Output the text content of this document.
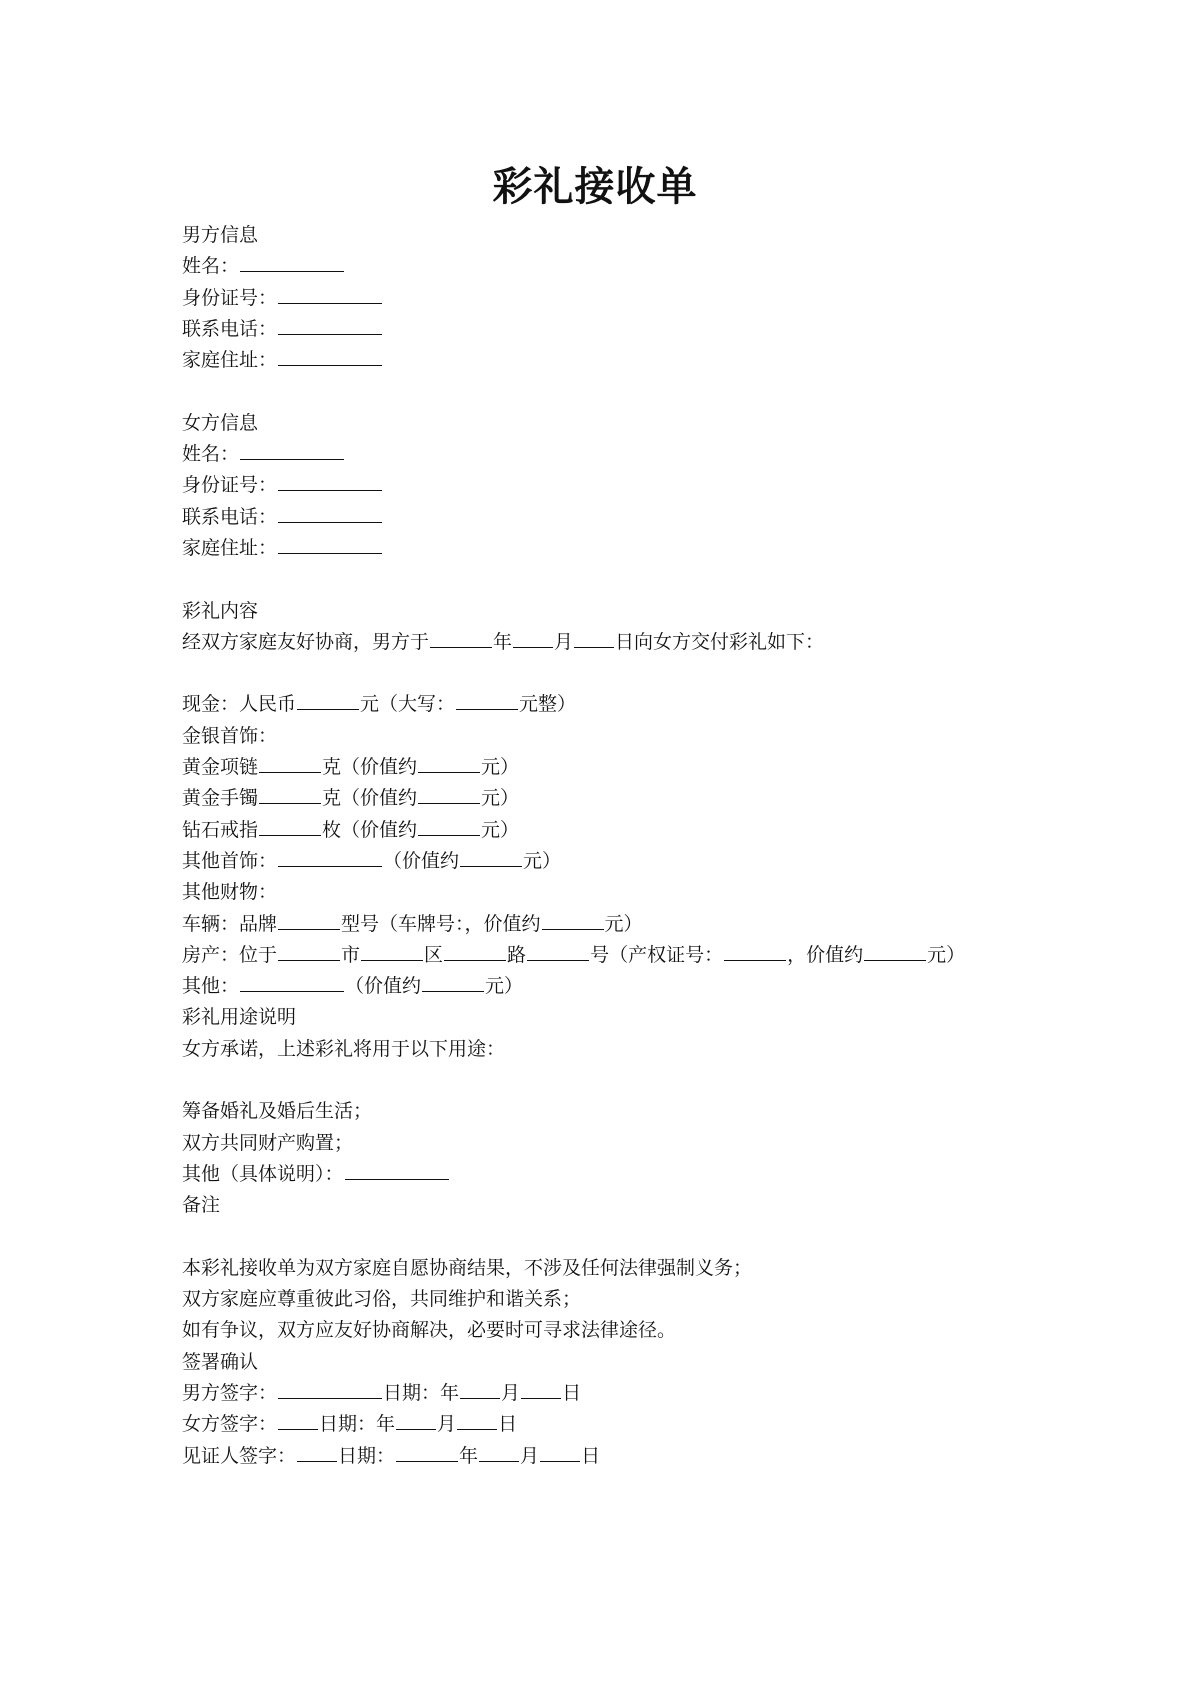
彩礼接收单
男方信息
姓名：
身份证号：
联系电话：
家庭住址：
女方信息
姓名：
身份证号：
联系电话：
家庭住址：
彩礼内容
经双方家庭友好协商，男方于	年 月 日向女方交付彩礼如下：
现金：人民币	元（大写：	元整）
金银首饰：
黄金项链	克（价值约	元）
黄金手镯	克（价值约	元）
钻石戒指	枚（价值约	元）
其他首饰：	（价值约	元）
其他财物：
车辆：品牌	型号（车牌号：，价值约	元）
房产：位于	市	区	路	号（产权证号：	，价值约	元）
其他：	（价值约	元）
彩礼用途说明
女方承诺，上述彩礼将用于以下用途：
筹备婚礼及婚后生活；
双方共同财产购置；
其他（具体说明）：
备注
本彩礼接收单为双方家庭自愿协商结果，不涉及任何法律强制义务；
双方家庭应尊重彼此习俗，共同维护和谐关系；
如有争议，双方应友好协商解决，必要时可寻求法律途径。
签署确认
男方签字：	日期：年 月 日
女方签字： 日期：年 月 日
见证人签字： 日期：	年 月 日
